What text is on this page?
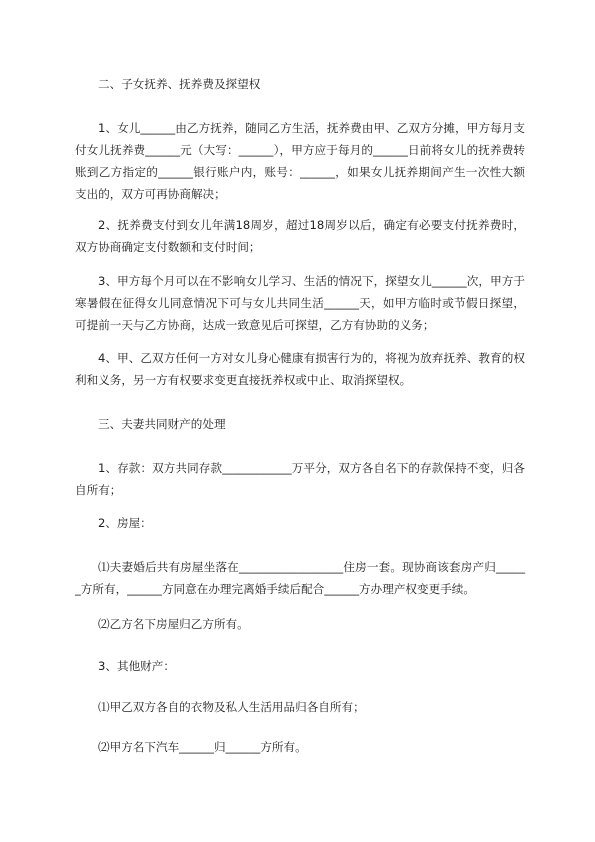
二、子女抚养、抚养费及探望权
1、女儿______由乙方抚养，随同乙方生活，抚养费由甲、乙双方分摊，甲方每月支付女儿抚养费______元（大写：______），甲方应于每月的______日前将女儿的抚养费转账到乙方指定的______银行账户内，账号：______，如果女儿抚养期间产生一次性大额支出的，双方可再协商解决；
2、抚养费支付到女儿年满18周岁，超过18周岁以后，确定有必要支付抚养费时，双方协商确定支付数额和支付时间；
3、甲方每个月可以在不影响女儿学习、生活的情况下，探望女儿______次，甲方于寒暑假在征得女儿同意情况下可与女儿共同生活______天，如甲方临时或节假日探望，可提前一天与乙方协商，达成一致意见后可探望，乙方有协助的义务；
4、甲、乙双方任何一方对女儿身心健康有损害行为的，将视为放弃抚养、教育的权利和义务，另一方有权要求变更直接抚养权或中止、取消探望权。
三、夫妻共同财产的处理
1、存款：双方共同存款____________万平分，双方各自名下的存款保持不变，归各自所有；
2、房屋：
⑴夫妻婚后共有房屋坐落在__________________住房一套。现协商该套房产归______方所有，______方同意在办理完离婚手续后配合______方办理产权变更手续。
⑵乙方名下房屋归乙方所有。
3、其他财产：
⑴甲乙双方各自的衣物及私人生活用品归各自所有；
⑵甲方名下汽车______归______方所有。
